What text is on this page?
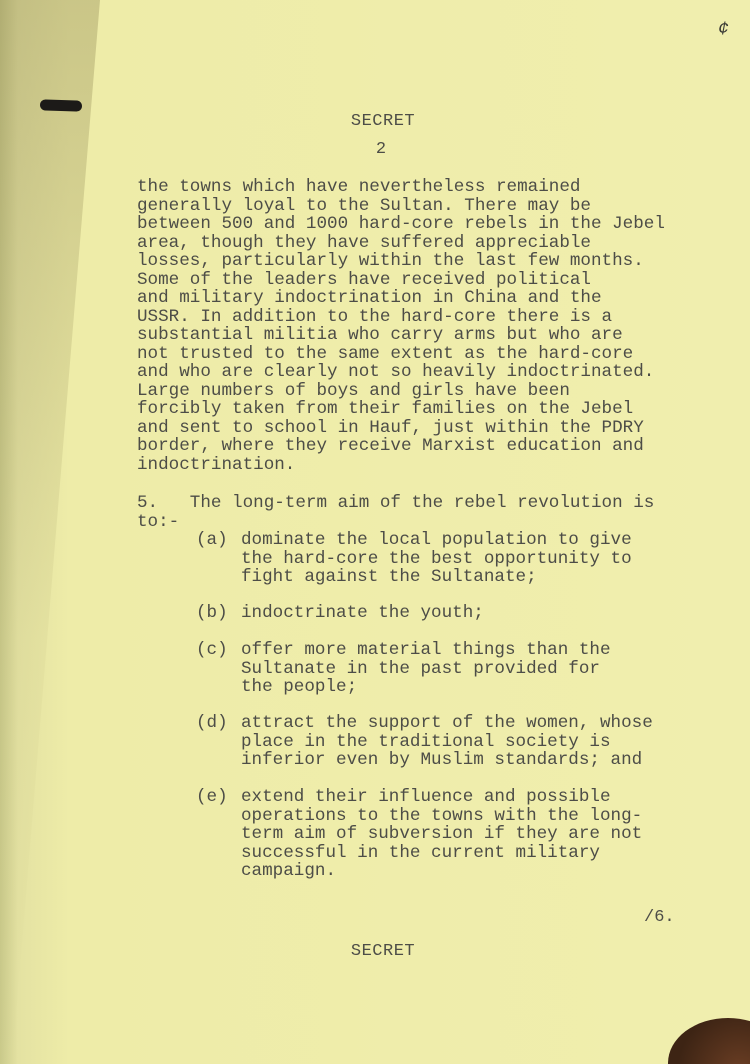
¢
SECRET
2
the towns which have nevertheless remained
generally loyal to the Sultan. There may be
between 500 and 1000 hard-core rebels in the Jebel
area, though they have suffered appreciable
losses, particularly within the last few months.
Some of the leaders have received political
and military indoctrination in China and the
USSR. In addition to the hard-core there is a
substantial militia who carry arms but who are
not trusted to the same extent as the hard-core
and who are clearly not so heavily indoctrinated.
Large numbers of boys and girls have been
forcibly taken from their families on the Jebel
and sent to school in Hauf, just within the PDRY
border, where they receive Marxist education and
indoctrination.
5.   The long-term aim of the rebel revolution is
to:-
(a) dominate the local population to give
the hard-core the best opportunity to
fight against the Sultanate;
(b) indoctrinate the youth;
(c) offer more material things than the
Sultanate in the past provided for
the people;
(d) attract the support of the women, whose
place in the traditional society is
inferior even by Muslim standards; and
(e) extend their influence and possible
operations to the towns with the long-
term aim of subversion if they are not
successful in the current military
campaign.
/6.
SECRET
